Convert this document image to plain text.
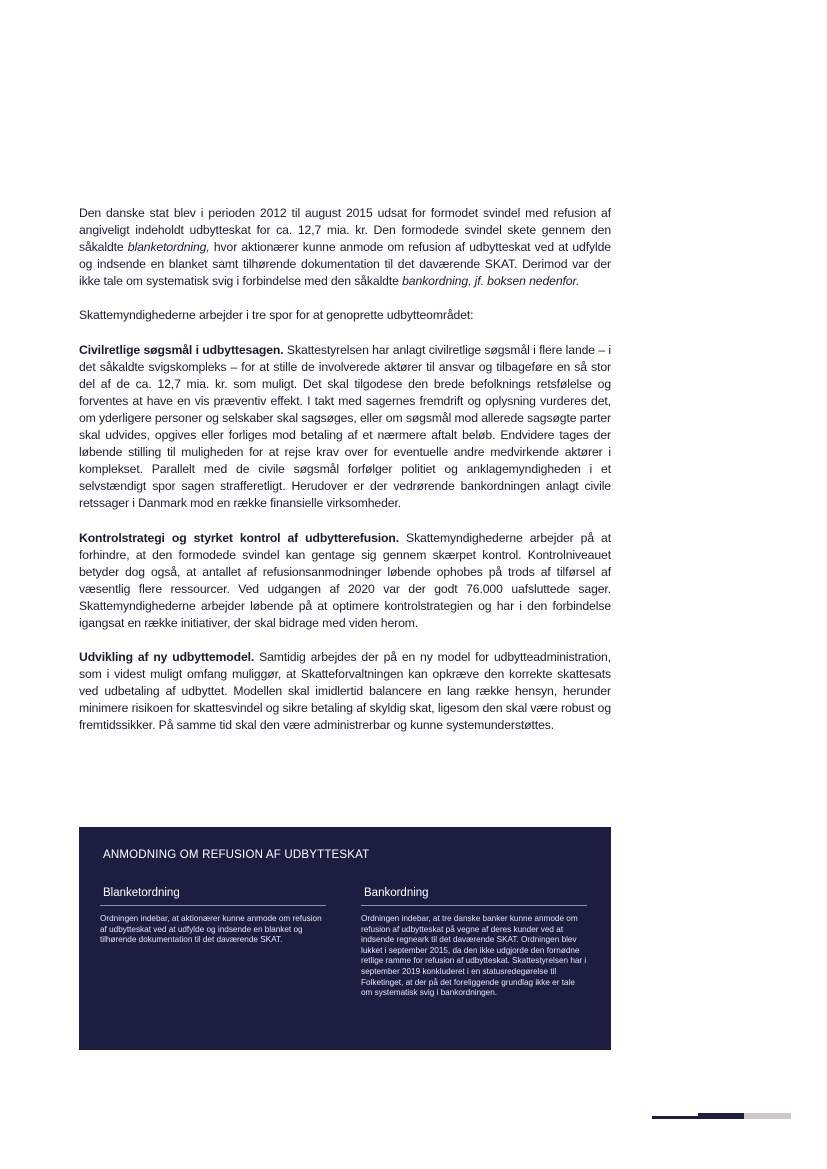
Den danske stat blev i perioden 2012 til august 2015 udsat for formodet svindel med refusion af angiveligt indeholdt udbytteskat for ca. 12,7 mia. kr. Den formodede svindel skete gennem den såkaldte blanketordning, hvor aktionærer kunne anmode om refusion af udbytteskat ved at udfylde og indsende en blanket samt tilhørende dokumentation til det daværende SKAT. Derimod var der ikke tale om systematisk svig i forbindelse med den såkaldte bankordning, jf. boksen nedenfor.

Skattemyndighederne arbejder i tre spor for at genoprette udbytteområdet:

Civilretlige søgsmål i udbyttesagen. Skattestyrelsen har anlagt civilretlige søgsmål i flere lande – i det såkaldte svigskompleks – for at stille de involverede aktører til ansvar og tilbageføre en så stor del af de ca. 12,7 mia. kr. som muligt. Det skal tilgodese den brede befolknings retsfølelse og forventes at have en vis præventiv effekt. I takt med sagernes fremdrift og oplysning vurderes det, om yderligere personer og selskaber skal sagsøges, eller om søgsmål mod allerede sagsøgte parter skal udvides, opgives eller forliges mod betaling af et nærmere aftalt beløb. Endvidere tages der løbende stilling til muligheden for at rejse krav over for eventuelle andre medvirkende aktører i komplekset. Parallelt med de civile søgsmål forfølger politiet og anklagemyndigheden i et selvstændigt spor sagen strafferetligt. Herudover er der vedrørende bankordningen anlagt civile retssager i Danmark mod en række finansielle virksomheder.

Kontrolstrategi og styrket kontrol af udbytterefusion. Skattemyndighederne arbejder på at forhindre, at den formodede svindel kan gentage sig gennem skærpet kontrol. Kontrolniveauet betyder dog også, at antallet af refusionsanmodninger løbende ophobes på trods af tilførsel af væsentlig flere ressourcer. Ved udgangen af 2020 var der godt 76.000 uafsluttede sager. Skattemyndighederne arbejder løbende på at optimere kontrolstrategien og har i den forbindelse igangsat en række initiativer, der skal bidrage med viden herom.

Udvikling af ny udbyttemodel. Samtidig arbejdes der på en ny model for udbytteadministration, som i videst muligt omfang muliggør, at Skatteforvaltningen kan opkræve den korrekte skattesats ved udbetaling af udbyttet. Modellen skal imidlertid balancere en lang række hensyn, herunder minimere risikoen for skattesvindel og sikre betaling af skyldig skat, ligesom den skal være robust og fremtidssikker. På samme tid skal den være administrerbar og kunne systemunderstøttes.

ANMODNING OM REFUSION AF UDBYTTESKAT
Blanketordning
Ordningen indebar, at aktionærer kunne anmode om refusion af udbytteskat ved at udfylde og indsende en blanket og tilhørende dokumentation til det daværende SKAT.
Bankordning
Ordningen indebar, at tre danske banker kunne anmode om refusion af udbytteskat på vegne af deres kunder ved at indsende regneark til det daværende SKAT. Ordningen blev lukket i september 2015, da den ikke udgjorde den fornødne retlige ramme for refusion af udbytteskat. Skattestyrelsen har i september 2019 konkluderet i en statusredegørelse til Folketinget, at der på det foreliggende grundlag ikke er tale om systematisk svig i bankordningen.
